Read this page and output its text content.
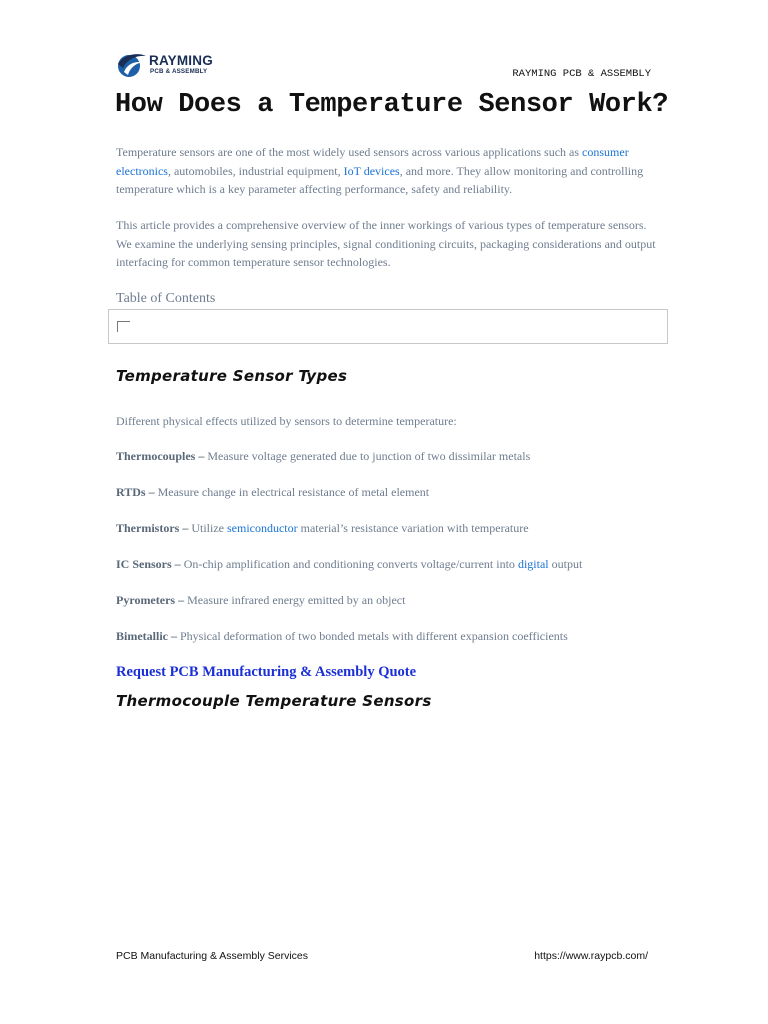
RAYMING
PCB & ASSEMBLY	RAYMING PCB & ASSEMBLY
How Does a Temperature Sensor Work?

Temperature sensors are one of the most widely used sensors across various applications such as consumer electronics, automobiles, industrial equipment, IoT devices, and more. They allow monitoring and controlling temperature which is a key parameter affecting performance, safety and reliability.

This article provides a comprehensive overview of the inner workings of various types of temperature sensors. We examine the underlying sensing principles, signal conditioning circuits, packaging considerations and output interfacing for common temperature sensor technologies.

Table of Contents
Temperature Sensor Types

Different physical effects utilized by sensors to determine temperature:

Thermocouples – Measure voltage generated due to junction of two dissimilar metals

RTDs – Measure change in electrical resistance of metal element

Thermistors – Utilize semiconductor material’s resistance variation with temperature

IC Sensors – On-chip amplification and conditioning converts voltage/current into digital output

Pyrometers – Measure infrared energy emitted by an object

Bimetallic – Physical deformation of two bonded metals with different expansion coefficients

Request PCB Manufacturing & Assembly Quote
Thermocouple Temperature Sensors
PCB Manufacturing & Assembly Services	https://www.raypcb.com/
